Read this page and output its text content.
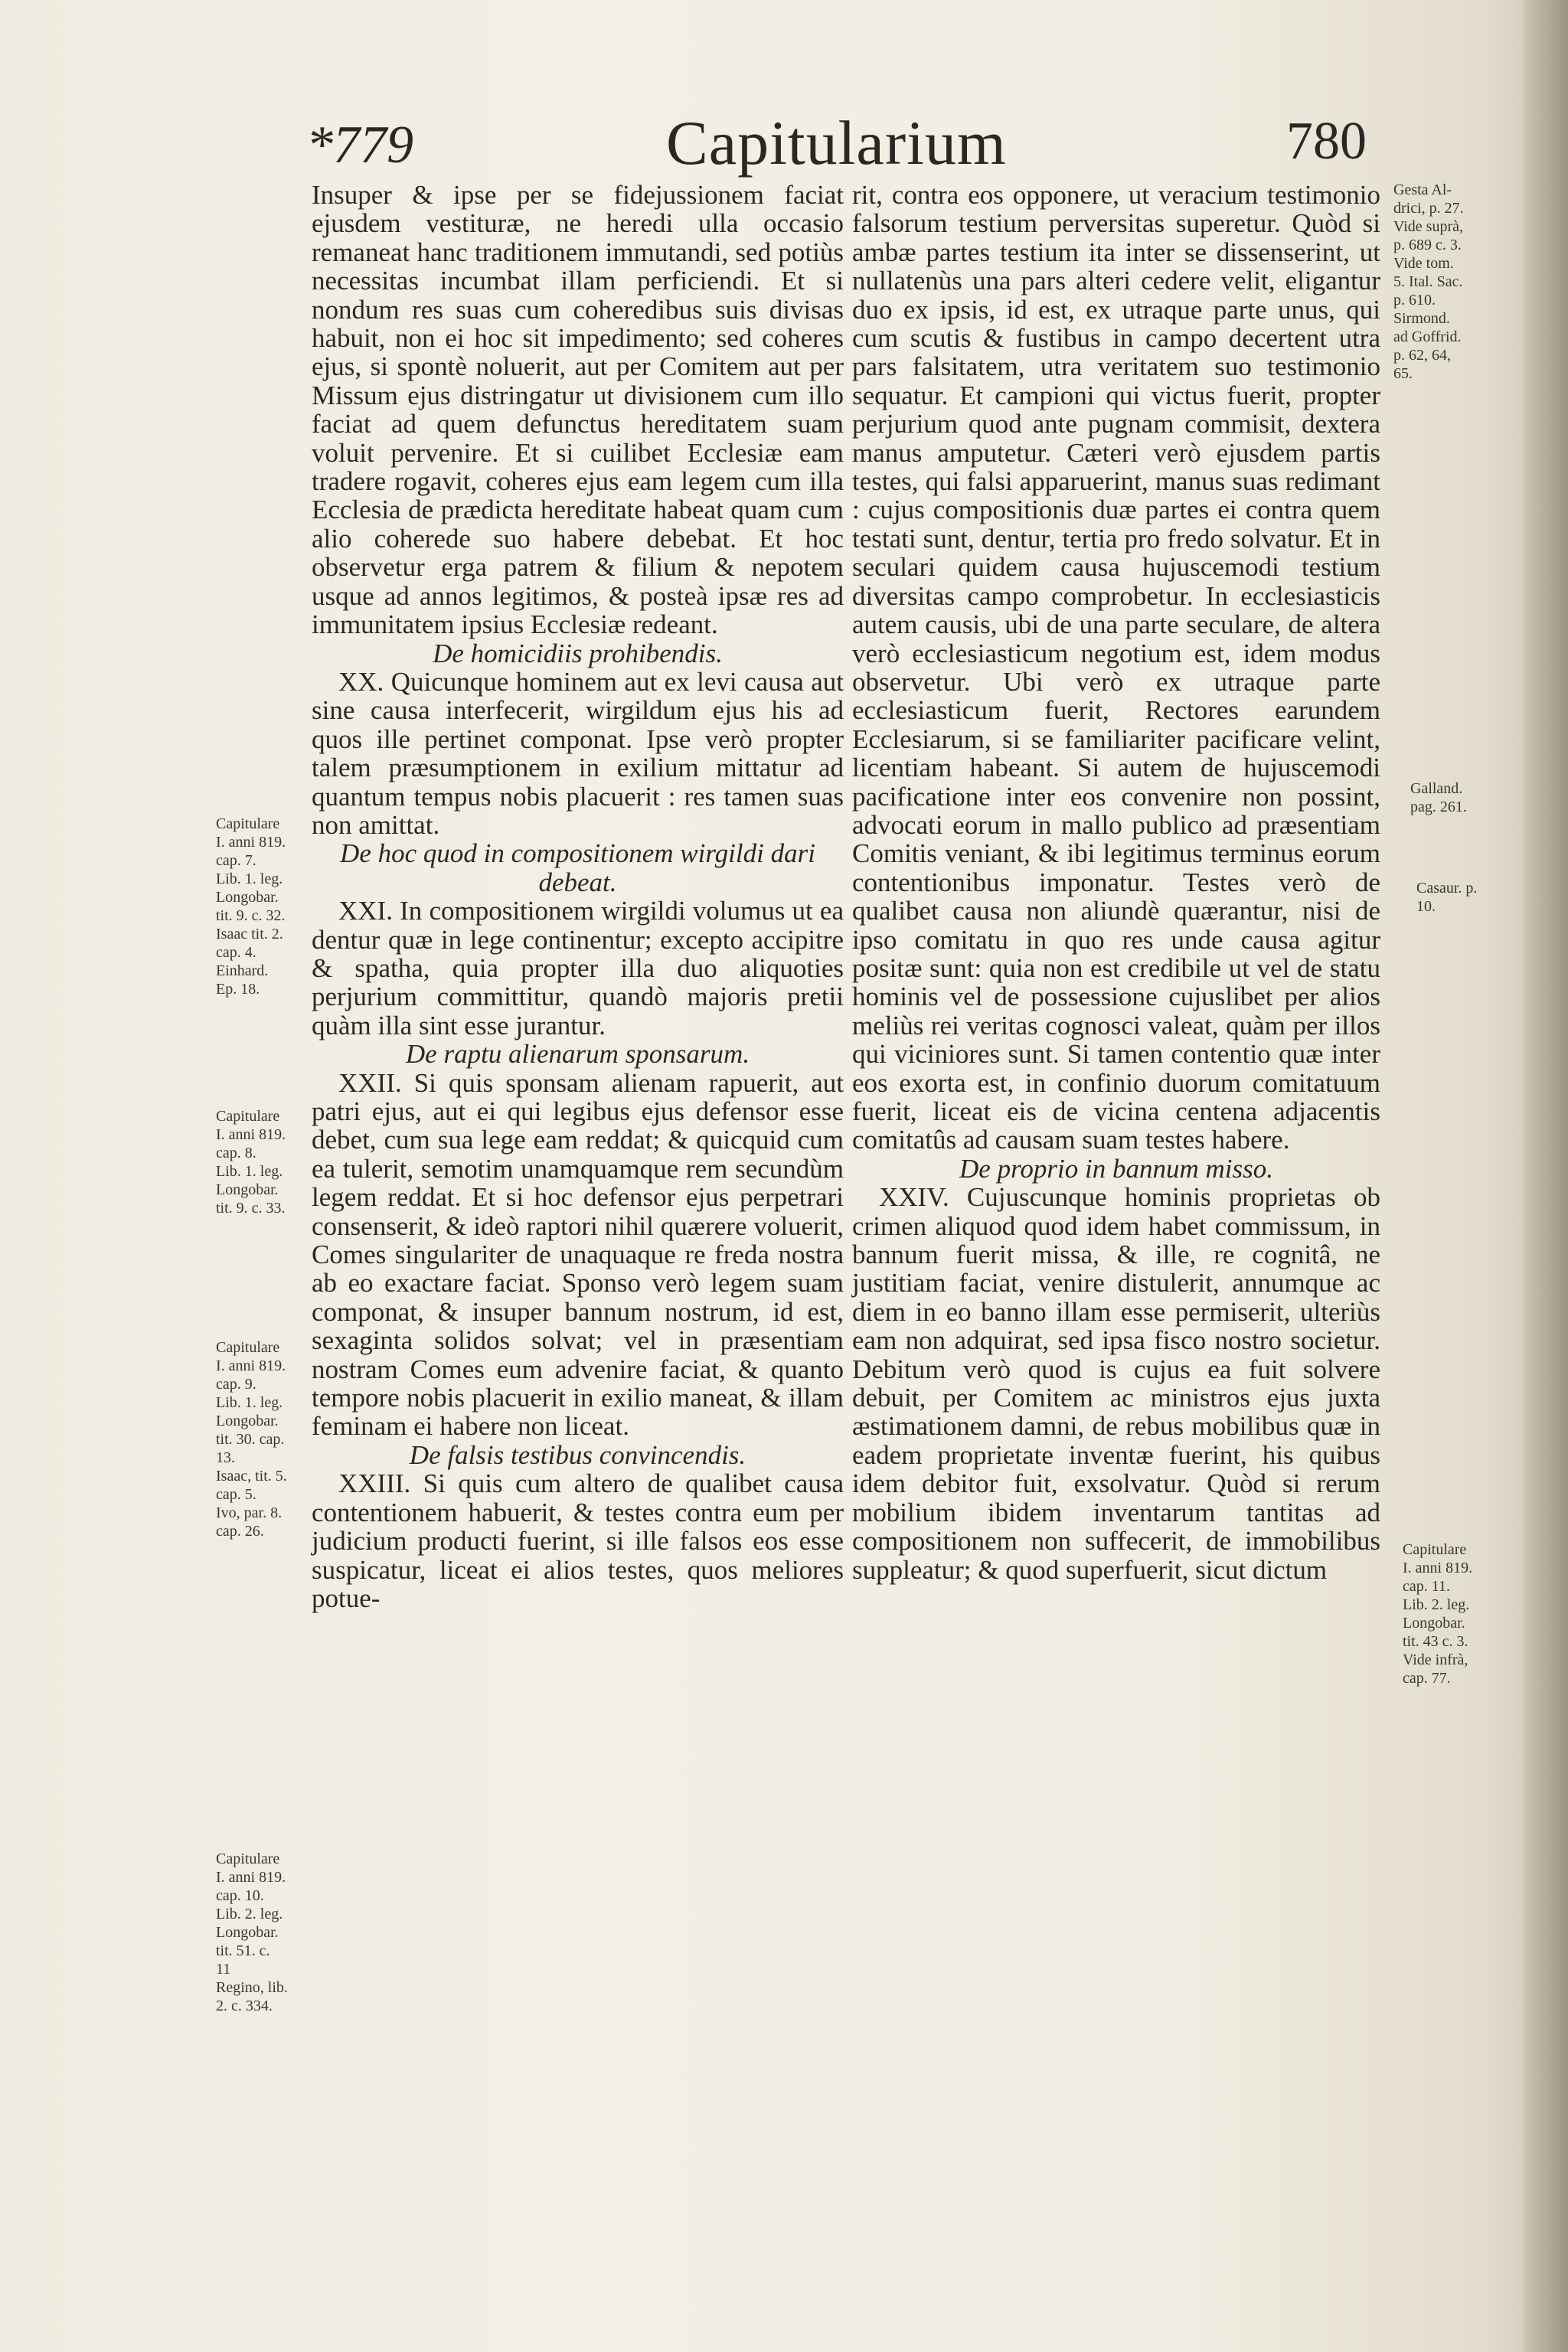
*779	Capitularium	780
Capitulare
I. anni 819.
cap. 7.
Lib. 1. leg.
Longobar.
tit. 9. c. 32.
Isaac tit. 2.
cap. 4.
Einhard.
Ep. 18.
Capitulare
I. anni 819.
cap. 8.
Lib. 1. leg.
Longobar.
tit. 9. c. 33.
Capitulare
I. anni 819.
cap. 9.
Lib. 1. leg.
Longobar.
tit. 30. cap.
13.
Isaac, tit. 5.
cap. 5.
Ivo, par. 8.
cap. 26.
Capitulare
I. anni 819.
cap. 10.
Lib. 2. leg.
Longobar.
tit. 51. c.
11
Regino, lib.
2. c. 334.
Gesta Al-
drici, p. 27.
Vide suprà,
p. 689 c. 3.
Vide tom.
5. Ital. Sac.
p. 610.
Sirmond.
ad Goffrid.
p. 62, 64,
65.
Galland.
pag. 261.
Casaur. p.
10.
Capitulare
I. anni 819.
cap. 11.
Lib. 2. leg.
Longobar.
tit. 43 c. 3.
Vide infrà,
cap. 77.

Insuper & ipse per se fidejussionem faciat ejusdem vestituræ, ne heredi ulla occasio remaneat hanc traditionem immutandi, sed potiùs necessitas incumbat illam perficiendi. Et si nondum res suas cum coheredibus suis divisas habuit, non ei hoc sit impedimento; sed coheres ejus, si spontè noluerit, aut per Comitem aut per Missum ejus distringatur ut divisionem cum illo faciat ad quem defunctus hereditatem suam voluit pervenire. Et si cuilibet Ecclesiæ eam tradere rogavit, coheres ejus eam legem cum illa Ecclesia de prædicta hereditate habeat quam cum alio coherede suo habere debebat. Et hoc observetur erga patrem & filium & nepotem usque ad annos legitimos, & posteà ipsæ res ad immunitatem ipsius Ecclesiæ redeant.

De homicidiis prohibendis.

XX. Quicunque hominem aut ex levi causa aut sine causa interfecerit, wirgildum ejus his ad quos ille pertinet componat. Ipse verò propter talem præsumptionem in exilium mittatur ad quantum tempus nobis placuerit : res tamen suas non amittat.

De hoc quod in compositionem wirgildi dari debeat.

XXI. In compositionem wirgildi volumus ut ea dentur quæ in lege continentur; excepto accipitre & spatha, quia propter illa duo aliquoties perjurium committitur, quandò majoris pretii quàm illa sint esse jurantur.

De raptu alienarum sponsarum.

XXII. Si quis sponsam alienam rapuerit, aut patri ejus, aut ei qui legibus ejus defensor esse debet, cum sua lege eam reddat; & quicquid cum ea tulerit, semotim unamquamque rem secundùm legem reddat. Et si hoc defensor ejus perpetrari consenserit, & ideò raptori nihil quærere voluerit, Comes singulariter de unaquaque re freda nostra ab eo exactare faciat. Sponso verò legem suam componat, & insuper bannum nostrum, id est, sexaginta solidos solvat; vel in præsentiam nostram Comes eum advenire faciat, & quanto tempore nobis placuerit in exilio maneat, & illam feminam ei habere non liceat.

De falsis testibus convincendis.

XXIII. Si quis cum altero de qualibet causa contentionem habuerit, & testes contra eum per judicium producti fuerint, si ille falsos eos esse suspicatur, liceat ei alios testes, quos meliores potue-

rit, contra eos opponere, ut veracium testimonio falsorum testium perversitas superetur. Quòd si ambæ partes testium ita inter se dissenserint, ut nullatenùs una pars alteri cedere velit, eligantur duo ex ipsis, id est, ex utraque parte unus, qui cum scutis & fustibus in campo decertent utra pars falsitatem, utra veritatem suo testimonio sequatur. Et campioni qui victus fuerit, propter perjurium quod ante pugnam commisit, dextera manus amputetur. Cæteri verò ejusdem partis testes, qui falsi apparuerint, manus suas redimant : cujus compositionis duæ partes ei contra quem testati sunt, dentur, tertia pro fredo solvatur. Et in seculari quidem causa hujuscemodi testium diversitas campo comprobetur. In ecclesiasticis autem causis, ubi de una parte seculare, de altera verò ecclesiasticum negotium est, idem modus observetur. Ubi verò ex utraque parte ecclesiasticum fuerit, Rectores earundem Ecclesiarum, si se familiariter pacificare velint, licentiam habeant. Si autem de hujuscemodi pacificatione inter eos convenire non possint, advocati eorum in mallo publico ad præsentiam Comitis veniant, & ibi legitimus terminus eorum contentionibus imponatur. Testes verò de qualibet causa non aliundè quærantur, nisi de ipso comitatu in quo res unde causa agitur positæ sunt: quia non est credibile ut vel de statu hominis vel de possessione cujuslibet per alios meliùs rei veritas cognosci valeat, quàm per illos qui viciniores sunt. Si tamen contentio quæ inter eos exorta est, in confinio duorum comitatuum fuerit, liceat eis de vicina centena adjacentis comitatûs ad causam suam testes habere.

De proprio in bannum misso.

XXIV. Cujuscunque hominis proprietas ob crimen aliquod quod idem habet commissum, in bannum fuerit missa, & ille, re cognitâ, ne justitiam faciat, venire distulerit, annumque ac diem in eo banno illam esse permiserit, ulteriùs eam non adquirat, sed ipsa fisco nostro societur. Debitum verò quod is cujus ea fuit solvere debuit, per Comitem ac ministros ejus juxta æstimationem damni, de rebus mobilibus quæ in eadem proprietate inventæ fuerint, his quibus idem debitor fuit, exsolvatur. Quòd si rerum mobilium ibidem inventarum tantitas ad compositionem non suffecerit, de immobilibus suppleatur; & quod superfuerit, sicut dictum
